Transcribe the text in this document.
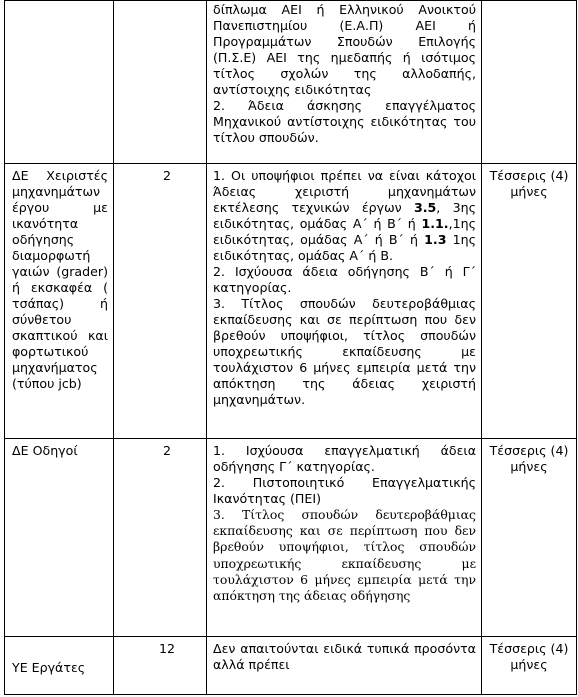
		δίπλωμα ΑΕΙ ή Ελληνικού Ανοικτού Πανεπιστημίου (Ε.Α.Π) ΑΕΙ ή Προγραμμάτων Σπουδών Επιλογής (Π.Σ.Ε) ΑΕΙ της ημεδαπής ή ισότιμος τίτλος σχολών της αλλοδαπής, αντίστοιχης ειδικότητας

2. Άδεια άσκησης επαγγέλματος Μηχανικού αντίστοιχης ειδικότητας του τίτλου σπουδών.	

ΔΕ Χειριστές μηχανημάτων έργου με ικανότητα οδήγησης διαμορφωτή γαιών (grader) ή εκσκαφέα ( τσάπας) ή σύνθετου σκαπτικού και φορτωτικού μηχανήματος (τύπου jcb)	2	1. Οι υποψήφιοι πρέπει να είναι κάτοχοι Άδειας χειριστή μηχανημάτων εκτέλεσης τεχνικών έργων 3.5, 3ης ειδικότητας, ομάδας Α΄ ή Β΄ ή 1.1.,1ης ειδικότητας, ομάδας Α΄ ή Β΄ ή 1.3 1ης ειδικότητας, ομάδας Α΄ ή Β.

2. Ισχύουσα άδεια οδήγησης Β΄ ή Γ΄ κατηγορίας.

3. Τίτλος σπουδών δευτεροβάθμιας εκπαίδευσης και σε περίπτωση που δεν βρεθούν υποψήφιοι, τίτλος σπουδών υποχρεωτικής εκπαίδευσης με τουλάχιστον 6 μήνες εμπειρία μετά την απόκτηση της άδειας χειριστή μηχανημάτων.	Τέσσερις (4) μήνες

ΔΕ Οδηγοί	2	1. Ισχύουσα επαγγελματική άδεια οδήγησης Γ΄ κατηγορίας.

2. Πιστοποιητικό Επαγγελματικής Ικανότητας (ΠΕΙ)

3. Τίτλος σπουδών δευτεροβάθμιας εκπαίδευσης και σε περίπτωση που δεν βρεθούν υποψήφιοι, τίτλος σπουδών υποχρεωτικής εκπαίδευσης με τουλάχιστον 6 μήνες εμπειρία μετά την απόκτηση της άδειας οδήγησης	Τέσσερις (4) μήνες

ΥΕ Εργάτες	12	Δεν απαιτούνται ειδικά τυπικά προσόντα αλλά πρέπει	Τέσσερις (4) μήνες
